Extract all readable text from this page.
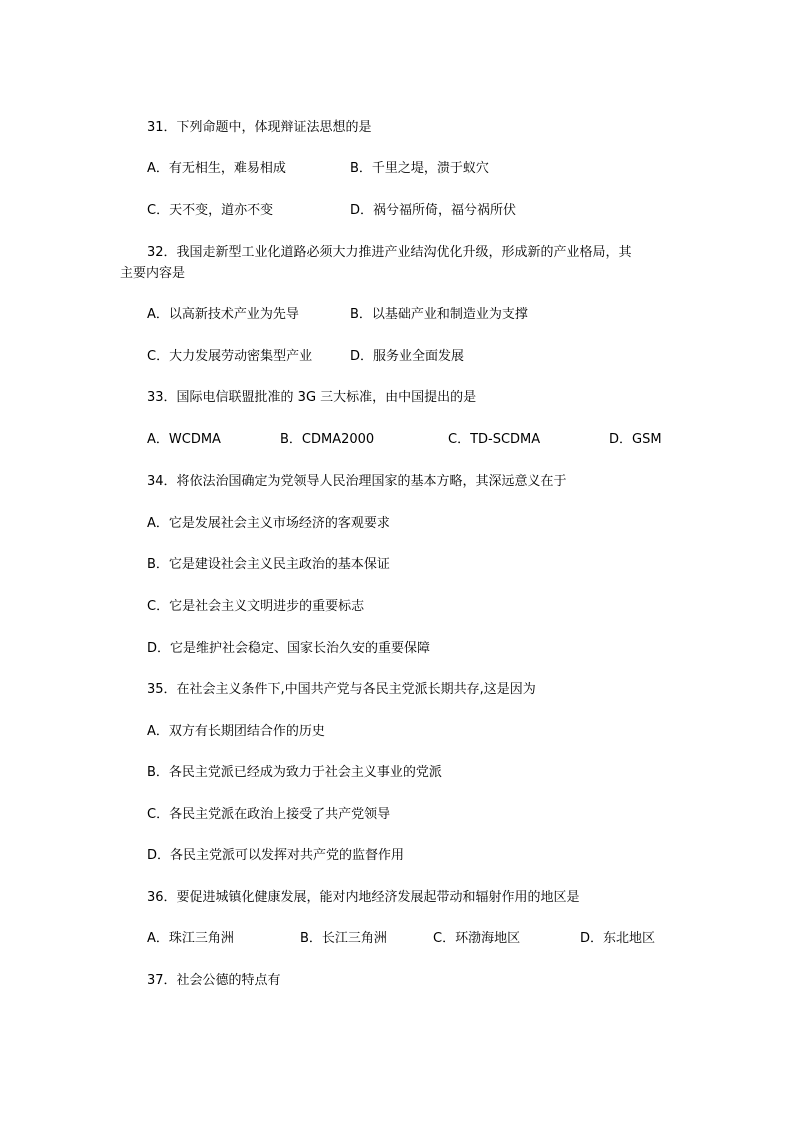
31．下列命题中，体现辩证法思想的是
A．有无相生，难易相成	B．千里之堤，溃于蚁穴
C．天不变，道亦不变	D．祸兮福所倚，福兮祸所伏
32．我国走新型工业化道路必须大力推进产业结沟优化升级，形成新的产业格局，其
主要内容是
A．以高新技术产业为先导	B．以基础产业和制造业为支撑
C．大力发展劳动密集型产业	D．服务业全面发展
33．国际电信联盟批准的 3G 三大标准，由中国提出的是
A．WCDMA	B．CDMA2000	C．TD-SCDMA	D．GSM
34．将依法治国确定为党领导人民治理国家的基本方略，其深远意义在于
A．它是发展社会主义市场经济的客观要求
B．它是建设社会主义民主政治的基本保证
C．它是社会主义文明进步的重要标志
D．它是维护社会稳定、国家长治久安的重要保障
35．在社会主义条件下,中国共产党与各民主党派长期共存,这是因为
A．双方有长期团结合作的历史
B．各民主党派已经成为致力于社会主义事业的党派
C．各民主党派在政治上接受了共产党领导
D．各民主党派可以发挥对共产党的监督作用
36．要促进城镇化健康发展，能对内地经济发展起带动和辐射作用的地区是
A．珠江三角洲	B．长江三角洲	C．环渤海地区	D．东北地区
37．社会公德的特点有
